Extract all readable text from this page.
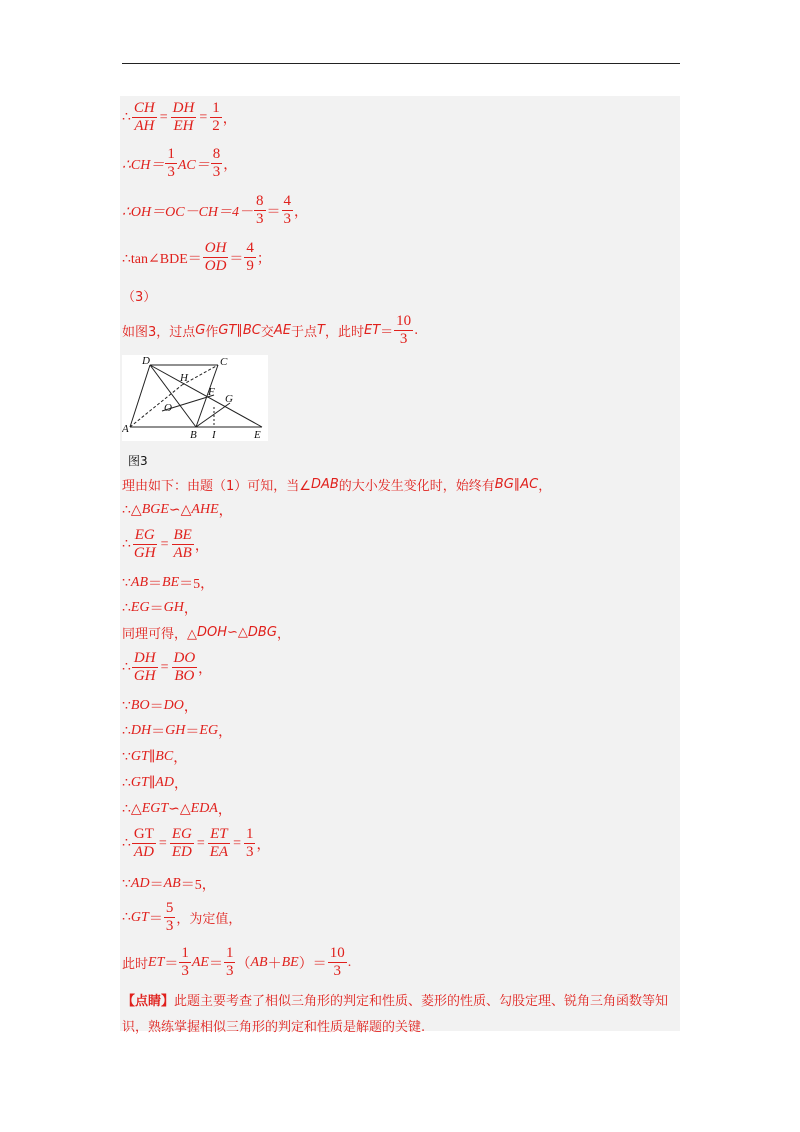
∴ $\frac{CH}{AH} = \frac{DH}{EH} = \frac{1}{2}$ ，
∴CH＝ $\frac{1}{3} AC= \frac{8}{3}$ ，
∴OH＝OC－CH＝4－ $\frac{8}{3} = \frac{4}{3}$ ，
∴tan∠BDE＝ $\frac{OH}{OD} = \frac{4}{9}$ ；
（3）
如图3，过点 G 作 GT ∥ BC 交 AE 于点 T ，此时 ET ＝ $\frac{10}{3}$ .
D	C
H
F
G
O
A	B I	E
图3
理由如下：由题（1）可知，当∠ DAB 的大小发生变化时，始终有 BG ∥ AC ，
∴△ BGE ∽△ AHE ，
∴ $\frac{EG}{GH} = \frac{BE}{AB}$ ，
∵ AB ＝ BE ＝5，
∴ EG ＝ GH ，
同理可得，△ DOH ∽△ DBG ，
∴ $\frac{DH}{GH} = \frac{DO}{BO}$ ，
∵ BO ＝ DO ，
∴ DH ＝ GH ＝ EG ，
∵ GT ∥ BC ，
∴ GT ∥ AD ，
∴△ EGT ∽△ EDA ，
∴ $\frac{GT}{AD} = \frac{EG}{ED} = \frac{ET}{EA} = \frac{1}{3}$ ，
∵ AD ＝ AB ＝5，
∴ GT ＝ $\frac{5}{3}$ ，为定值，
此时 ET ＝ $\frac{1}{3}$ AE ＝ $\frac{1}{3}$ （ AB ＋ BE ）＝ $\frac{10}{3}$ .
【点睛】此题主要考查了相似三角形的判定和性质、菱形的性质、勾股定理、锐角三角函数等知识，熟练掌握相似三角形的判定和性质是解题的关键.
